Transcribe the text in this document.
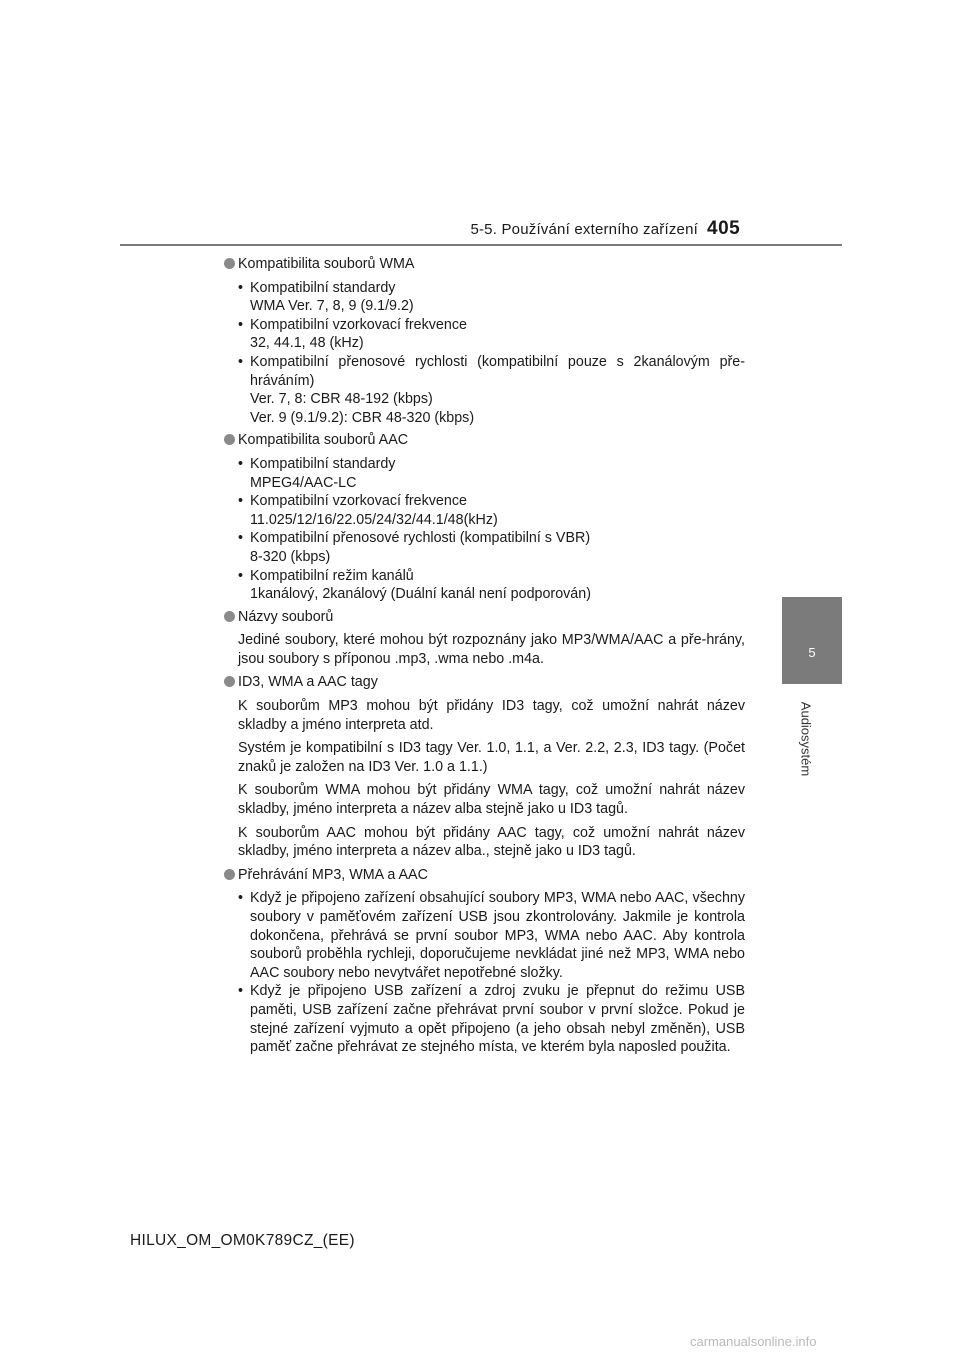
5-5. Používání externího zařízení 405
5
Audiosystém

Kompatibilita souborů WMA

• Kompatibilní standardy
WMA Ver. 7, 8, 9 (9.1/9.2)
• Kompatibilní vzorkovací frekvence
32, 44.1, 48 (kHz)
• Kompatibilní přenosové rychlosti (kompatibilní pouze s 2kanálovým pře-hráváním)
Ver. 7, 8: CBR 48-192 (kbps)
Ver. 9 (9.1/9.2): CBR 48-320 (kbps)

Kompatibilita souborů AAC

• Kompatibilní standardy
MPEG4/AAC-LC
• Kompatibilní vzorkovací frekvence
11.025/12/16/22.05/24/32/44.1/48(kHz)
• Kompatibilní přenosové rychlosti (kompatibilní s VBR)
8-320 (kbps)
• Kompatibilní režim kanálů
1kanálový, 2kanálový (Duální kanál není podporován)

Názvy souborů

Jediné soubory, které mohou být rozpoznány jako MP3/WMA/AAC a pře-hrány, jsou soubory s příponou .mp3, .wma nebo .m4a.

ID3, WMA a AAC tagy

K souborům MP3 mohou být přidány ID3 tagy, což umožní nahrát název skladby a jméno interpreta atd.

Systém je kompatibilní s ID3 tagy Ver. 1.0, 1.1, a Ver. 2.2, 2.3, ID3 tagy. (Počet znaků je založen na ID3 Ver. 1.0 a 1.1.)

K souborům WMA mohou být přidány WMA tagy, což umožní nahrát název skladby, jméno interpreta a název alba stejně jako u ID3 tagů.

K souborům AAC mohou být přidány AAC tagy, což umožní nahrát název skladby, jméno interpreta a název alba., stejně jako u ID3 tagů.

Přehrávání MP3, WMA a AAC

• Když je připojeno zařízení obsahující soubory MP3, WMA nebo AAC, všechny soubory v paměťovém zařízení USB jsou zkontrolovány. Jakmile je kontrola dokončena, přehrává se první soubor MP3, WMA nebo AAC. Aby kontrola souborů proběhla rychleji, doporučujeme nevkládat jiné než MP3, WMA nebo AAC soubory nebo nevytvářet nepotřebné složky.
• Když je připojeno USB zařízení a zdroj zvuku je přepnut do režimu USB paměti, USB zařízení začne přehrávat první soubor v první složce. Pokud je stejné zařízení vyjmuto a opět připojeno (a jeho obsah nebyl změněn), USB paměť začne přehrávat ze stejného místa, ve kterém byla naposled použita.
HILUX_OM_OM0K789CZ_(EE)
carmanualsonline.info
